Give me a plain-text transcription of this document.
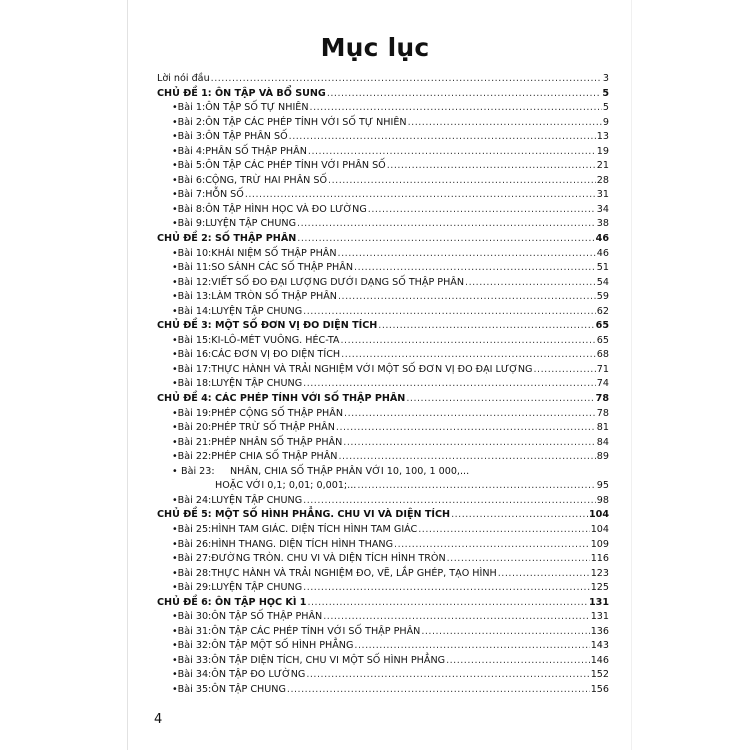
Mục lục
Lời nói đầu .....	3
CHỦ ĐỀ 1: ÔN TẬP VÀ BỔ SUNG .....	5
• Bài 1: ÔN TẬP SỐ TỰ NHIÊN .....	5
• Bài 2: ÔN TẬP CÁC PHÉP TÍNH VỚI SỐ TỰ NHIÊN .....	9
• Bài 3: ÔN TẬP PHÂN SỐ .....	13
• Bài 4: PHÂN SỐ THẬP PHÂN .....	19
• Bài 5: ÔN TẬP CÁC PHÉP TÍNH VỚI PHÂN SỐ .....	21
• Bài 6: CỘNG, TRỪ HAI PHÂN SỐ .....	28
• Bài 7: HỖN SỐ .....	31
• Bài 8: ÔN TẬP HÌNH HỌC VÀ ĐO LƯỜNG .....	34
• Bài 9: LUYỆN TẬP CHUNG .....	38
CHỦ ĐỀ 2: SỐ THẬP PHÂN .....	46
• Bài 10: KHÁI NIỆM SỐ THẬP PHÂN .....	46
• Bài 11: SO SÁNH CÁC SỐ THẬP PHÂN .....	51
• Bài 12: VIẾT SỐ ĐO ĐẠI LƯỢNG DƯỚI DẠNG SỐ THẬP PHÂN .....	54
• Bài 13: LÀM TRÒN SỐ THẬP PHÂN .....	59
• Bài 14: LUYỆN TẬP CHUNG .....	62
CHỦ ĐỀ 3: MỘT SỐ ĐƠN VỊ ĐO DIỆN TÍCH .....	65
• Bài 15: KI-LÔ-MÉT VUÔNG. HÉC-TA .....	65
• Bài 16: CÁC ĐƠN VỊ ĐO DIỆN TÍCH .....	68
• Bài 17: THỰC HÀNH VÀ TRẢI NGHIỆM VỚI MỘT SỐ ĐƠN VỊ ĐO ĐẠI LƯỢNG .....	71
• Bài 18: LUYỆN TẬP CHUNG .....	74
CHỦ ĐỀ 4: CÁC PHÉP TÍNH VỚI SỐ THẬP PHÂN .....	78
• Bài 19: PHÉP CỘNG SỐ THẬP PHÂN .....	78
• Bài 20: PHÉP TRỪ SỐ THẬP PHÂN .....	81
• Bài 21: PHÉP NHÂN SỐ THẬP PHÂN .....	84
• Bài 22: PHÉP CHIA SỐ THẬP PHÂN .....	89
• Bài 23:	NHÂN, CHIA SỐ THẬP PHÂN VỚI 10, 100, 1 000,...
HOẶC VỚI 0,1; 0,01; 0,001;... .....	95
• Bài 24: LUYỆN TẬP CHUNG .....	98
CHỦ ĐỀ 5: MỘT SỐ HÌNH PHẲNG. CHU VI VÀ DIỆN TÍCH .....	104
• Bài 25: HÌNH TAM GIÁC. DIỆN TÍCH HÌNH TAM GIÁC .....	104
• Bài 26: HÌNH THANG. DIỆN TÍCH HÌNH THANG .....	109
• Bài 27: ĐƯỜNG TRÒN. CHU VI VÀ DIỆN TÍCH HÌNH TRÒN .....	116
• Bài 28: THỰC HÀNH VÀ TRẢI NGHIỆM ĐO, VẼ, LẮP GHÉP, TẠO HÌNH .....	123
• Bài 29: LUYỆN TẬP CHUNG .....	125
CHỦ ĐỀ 6: ÔN TẬP HỌC KÌ 1 .....	131
• Bài 30: ÔN TẬP SỐ THẬP PHÂN .....	131
• Bài 31: ÔN TẬP CÁC PHÉP TÍNH VỚI SỐ THẬP PHÂN .....	136
• Bài 32: ÔN TẬP MỘT SỐ HÌNH PHẲNG .....	143
• Bài 33: ÔN TẬP DIỆN TÍCH, CHU VI MỘT SỐ HÌNH PHẲNG .....	146
• Bài 34: ÔN TẬP ĐO LƯỜNG .....	152
• Bài 35: ÔN TẬP CHUNG .....	156
4
